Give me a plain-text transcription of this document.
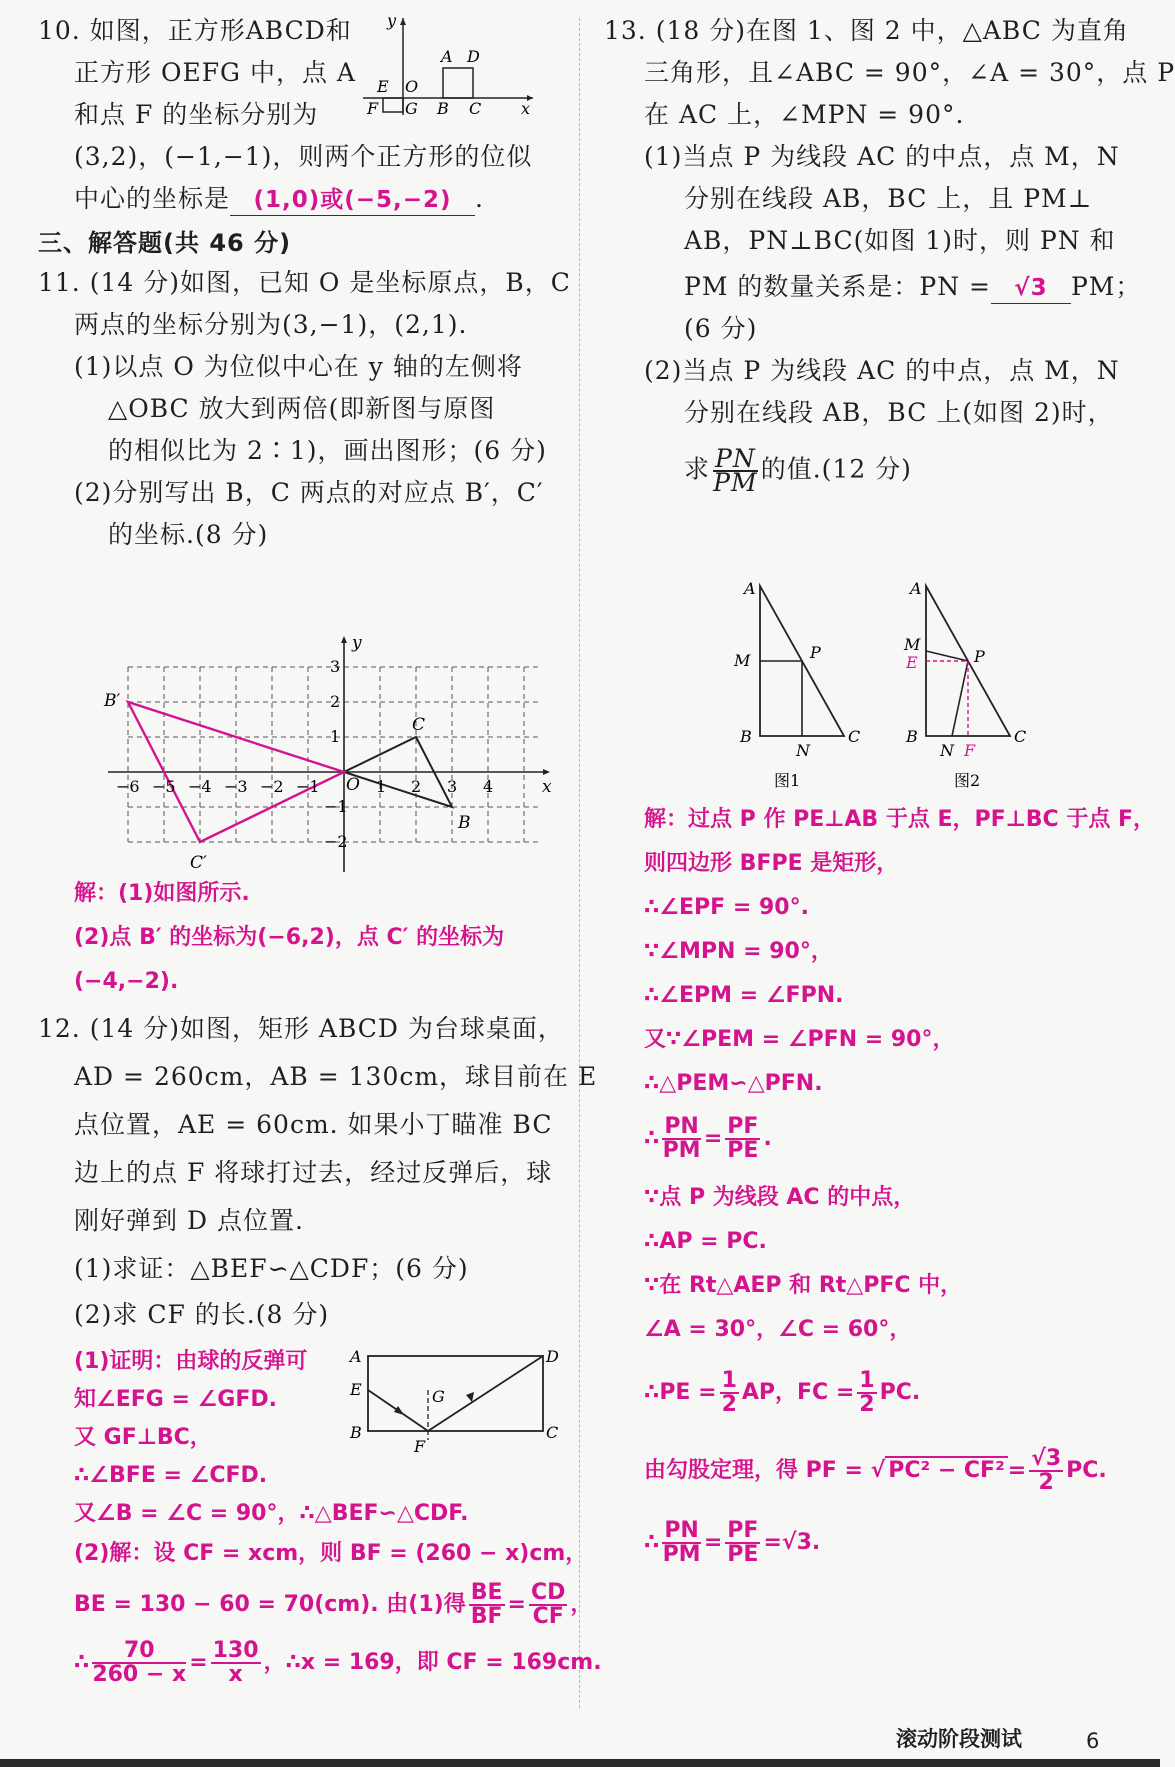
10. 如图，正方形ABCD和
正方形 OEFG 中，点 A
和点 F 的坐标分别为
(3,2)，(−1,−1)，则两个正方形的位似
中心的坐标是 (1,0)或(−5,−2) .
y
x
A D
E O
F G B C
三、解答题(共 46 分)
11. (14 分)如图，已知 O 是坐标原点，B，C
两点的坐标分别为(3,−1)，(2,1).
(1)以点 O 为位似中心在 y 轴的左侧将
△OBC 放大到两倍(即新图与原图
的相似比为 2∶1)，画出图形；(6 分)
(2)分别写出 B，C 两点的对应点 B′，C′
的坐标.(8 分)
−6 −5 −4 −3 −2 −1	1 2 3 4
3
2
1
−1
−2
y
x
O
B
C
B′
C′
解：(1)如图所示.
(2)点 B′ 的坐标为(−6,2)，点 C′ 的坐标为
(−4,−2).
12. (14 分)如图，矩形 ABCD 为台球桌面，
AD = 260cm，AB = 130cm，球目前在 E
点位置，AE = 60cm. 如果小丁瞄准 BC
边上的点 F 将球打过去，经过反弹后，球
刚好弹到 D 点位置.
(1)求证：△BEF∽△CDF；(6 分)
(2)求 CF 的长.(8 分)
(1)证明：由球的反弹可
知∠EFG = ∠GFD.
又 GF⊥BC，
∴∠BFE = ∠CFD.
A	D
E	G
B
F
C
又∠B = ∠C = 90°，∴△BEF∽△CDF.
(2)解：设 CF = xcm，则 BF = (260 − x)cm，
BE = 130 − 60 = 70(cm). 由(1)得 $\frac{BE}{BF} = \frac{CD}{CF}$ ，
∴ $\frac{70}{260 - x} = \frac{130}{x}$ ，∴x = 169，即 CF = 169cm.
13. (18 分)在图 1、图 2 中，△ABC 为直角
三角形，且∠ABC = 90°，∠A = 30°，点 P
在 AC 上，∠MPN = 90°.
(1)当点 P 为线段 AC 的中点，点 M，N
分别在线段 AB，BC 上，且 PM⊥
AB，PN⊥BC(如图 1)时，则 PN 和
PM 的数量关系是：PN = √3 PM；
(6 分)
(2)当点 P 为线段 AC 的中点，点 M，N
分别在线段 AB，BC 上(如图 2)时，
求 $\frac{PN}{PM}$ 的值.(12 分)
A
M	P
B
N
C
图1
A
M
E	P
B
N F
C
图2
解：过点 P 作 PE⊥AB 于点 E，PF⊥BC 于点 F，
则四边形 BFPE 是矩形，
∴∠EPF = 90°.
∵∠MPN = 90°，
∴∠EPM = ∠FPN.
又∵∠PEM = ∠PFN = 90°，
∴△PEM∽△PFN.
∴ $\frac{PN}{PM} = \frac{PF}{PE}$ .
∵点 P 为线段 AC 的中点，
∴AP = PC.
∵在 Rt△AEP 和 Rt△PFC 中，
∠A = 30°，∠C = 60°，
∴PE = $\frac{1}{2}$ AP，FC = $\frac{1}{2}$ PC.
由勾股定理，得 PF = √ $PC^2 - CF^2 = \frac{√3}{2}$ PC.
∴ $\frac{PN}{PM} = \frac{PF}{PE} =√3$.
滚动阶段测试	6
